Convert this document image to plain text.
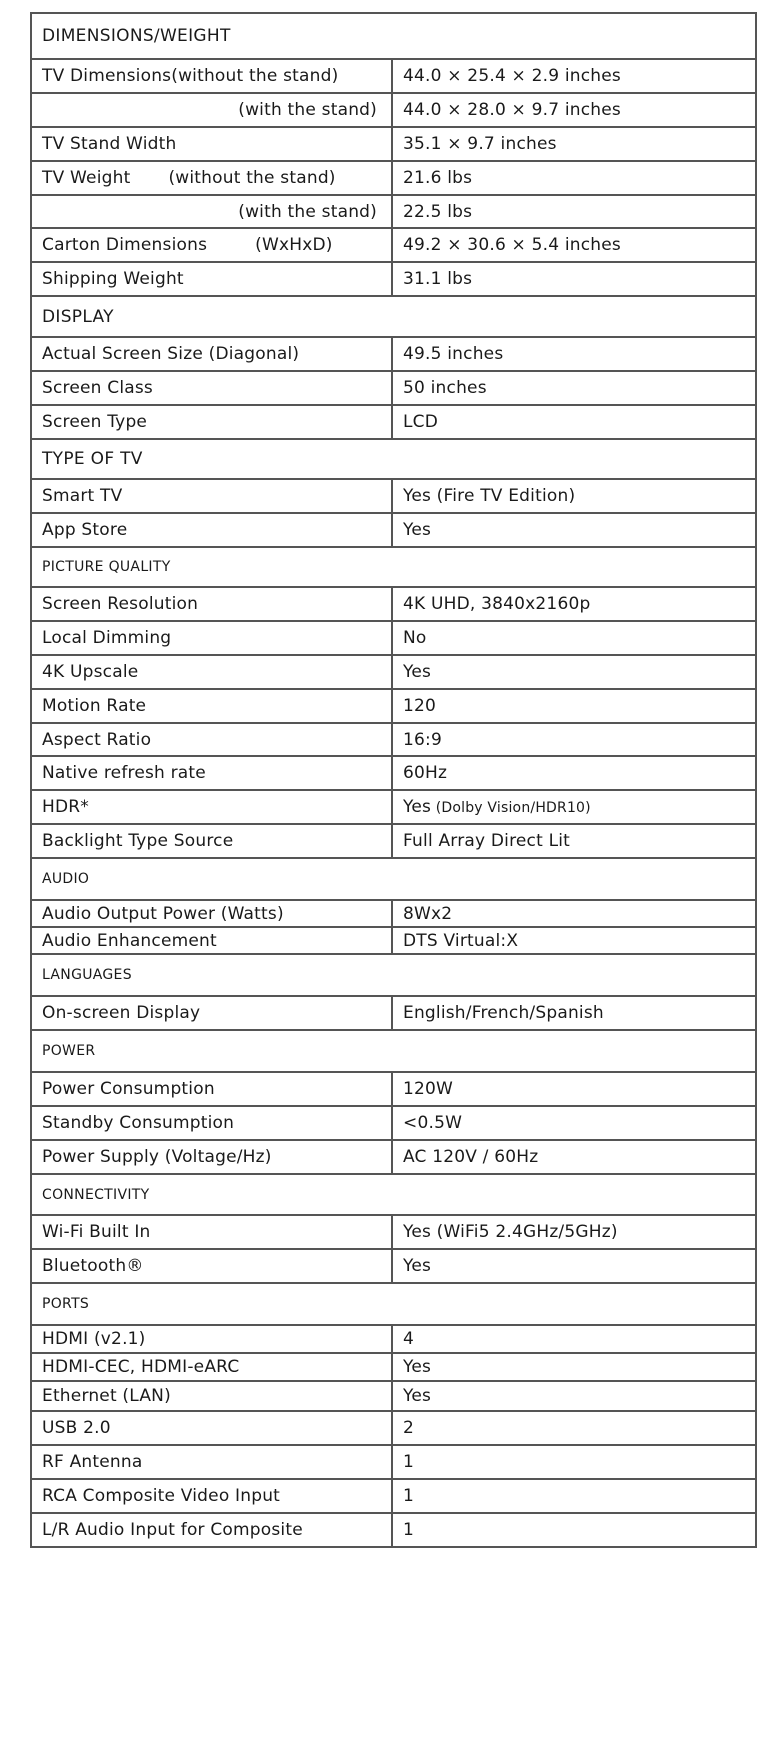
DIMENSIONS/WEIGHT	
TV Dimensions(without the stand)	44.0 × 25.4 × 2.9 inches
(with the stand)	44.0 × 28.0 × 9.7 inches
TV Stand Width	35.1 × 9.7 inches
TV Weight (without the stand)	21.6 lbs
(with the stand)	22.5 lbs
Carton Dimensions (WxHxD)	49.2 × 30.6 × 5.4 inches
Shipping Weight	31.1 lbs
DISPLAY	
Actual Screen Size (Diagonal)	49.5 inches
Screen Class	50 inches
Screen Type	LCD
TYPE OF TV	
Smart TV	Yes (Fire TV Edition)
App Store	Yes
PICTURE QUALITY	
Screen Resolution	4K UHD, 3840x2160p
Local Dimming	No
4K Upscale	Yes
Motion Rate	120
Aspect Ratio	16:9
Native refresh rate	60Hz
HDR*	Yes (Dolby Vision/HDR10)
Backlight Type Source	Full Array Direct Lit
AUDIO	
Audio Output Power (Watts)	8Wx2
Audio Enhancement	DTS Virtual:X
LANGUAGES	
On-screen Display	English/French/Spanish
POWER	
Power Consumption	120W
Standby Consumption	<0.5W
Power Supply (Voltage/Hz)	AC 120V / 60Hz
CONNECTIVITY	
Wi-Fi Built In	Yes (WiFi5 2.4GHz/5GHz)
Bluetooth®	Yes
PORTS	
HDMI (v2.1)	4
HDMI-CEC, HDMI-eARC	Yes
Ethernet (LAN)	Yes
USB 2.0	2
RF Antenna	1
RCA Composite Video Input	1
L/R Audio Input for Composite	1
